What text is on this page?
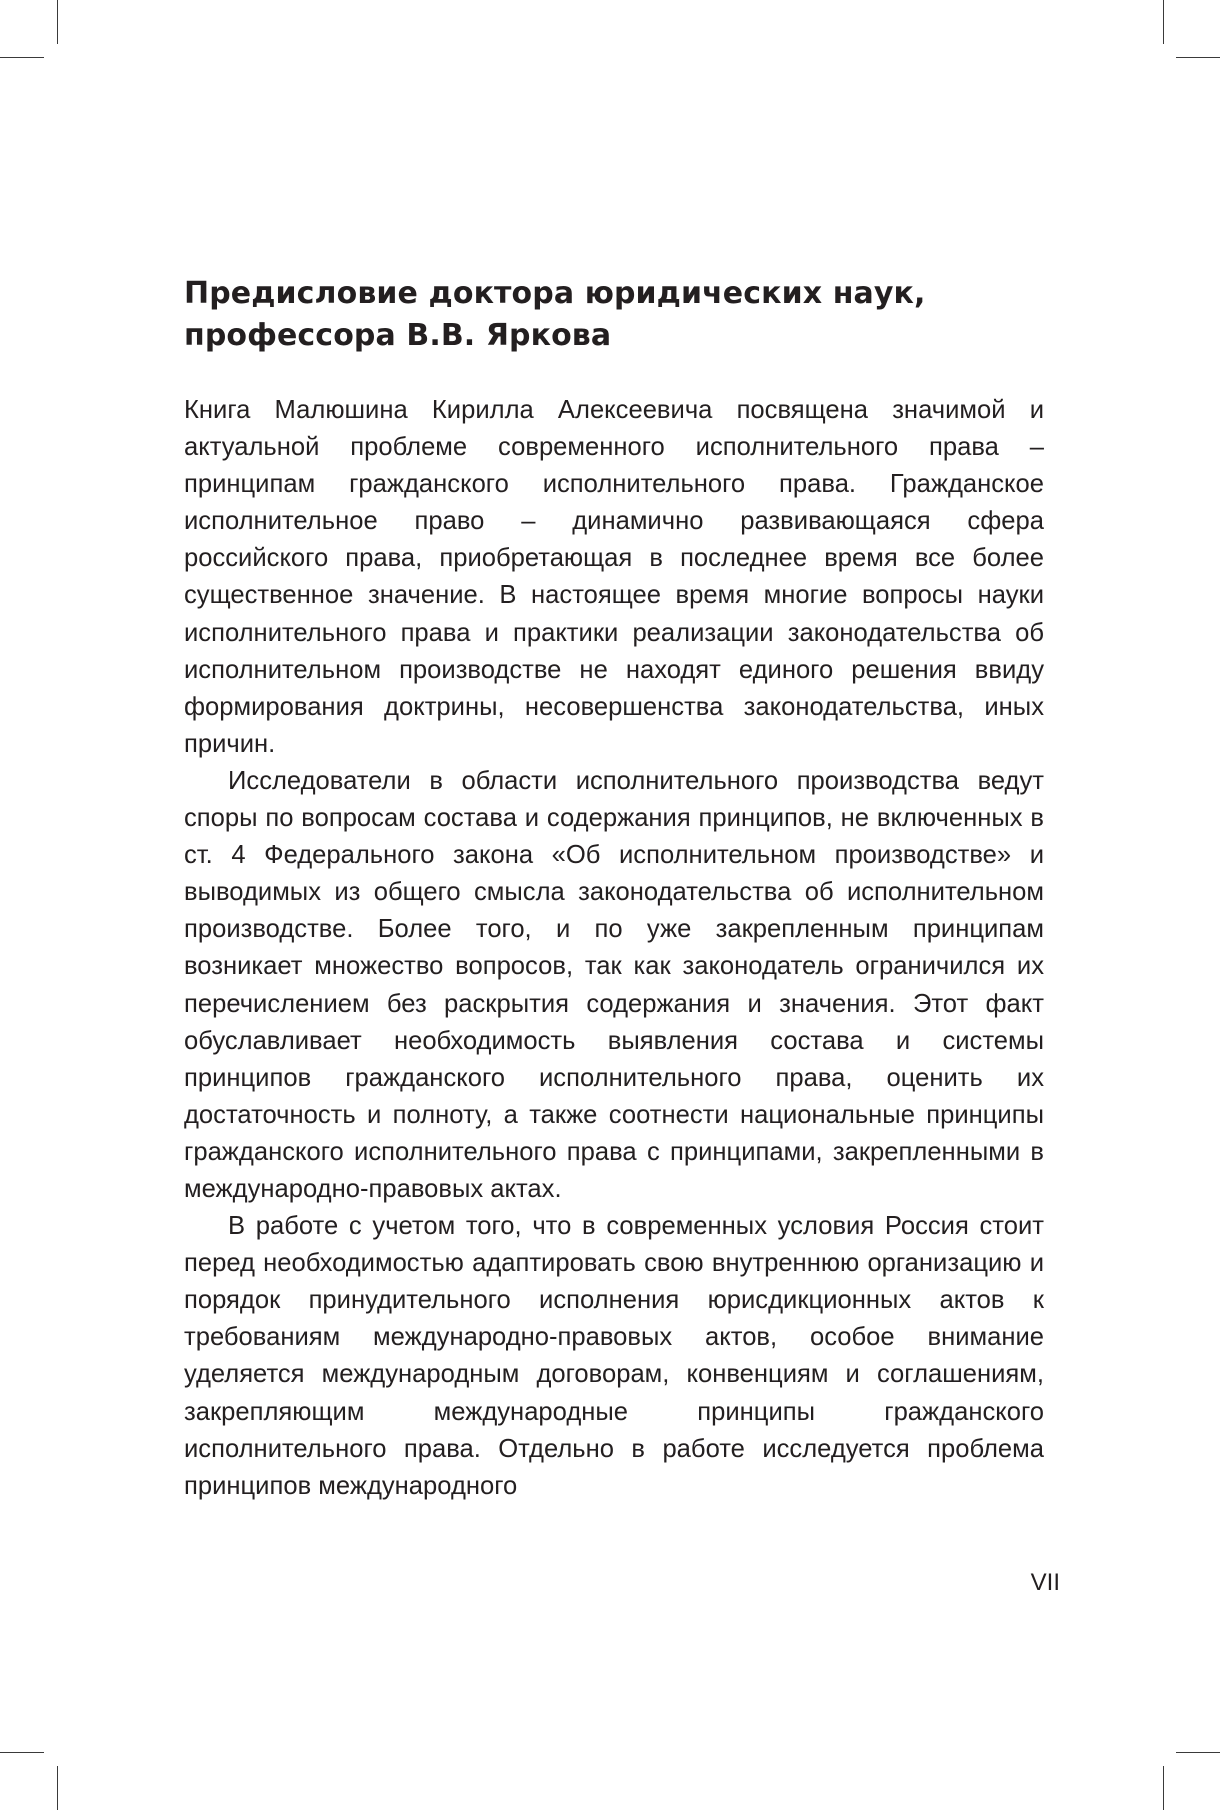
Предисловие доктора юридических наук,
профессора В.В. Яркова

Книга Малюшина Кирилла Алексеевича посвящена значимой и актуальной проблеме современного исполнительного права – принципам гражданского исполнительного права. Гражданское исполнительное право – динамично развивающаяся сфера российского права, приобретающая в последнее время все более существенное значение. В настоящее время многие вопросы науки исполнительного права и практики реализации законодательства об исполнительном производстве не находят единого решения ввиду формирования доктрины, несовершенства законодательства, иных причин.

Исследователи в области исполнительного производства ведут споры по вопросам состава и содержания принципов, не включенных в ст. 4 Федерального закона «Об исполнительном производстве» и выводимых из общего смысла законодательства об исполнительном производстве. Более того, и по уже закрепленным принципам возникает множество вопросов, так как законодатель ограничился их перечислением без раскрытия содержания и значения. Этот факт обуславливает необходимость выявления состава и системы принципов гражданского исполнительного права, оценить их достаточность и полноту, а также соотнести национальные принципы гражданского исполнительного права с принципами, закрепленными в международно-правовых актах.

В работе с учетом того, что в современных условия Россия стоит перед необходимостью адаптировать свою внутреннюю организацию и порядок принудительного исполнения юрисдикционных актов к требованиям международно-правовых актов, особое внимание уделяется международным договорам, конвенциям и соглашениям, закрепляющим международные принципы гражданского исполнительного права. Отдельно в работе исследуется проблема принципов международного

VII
